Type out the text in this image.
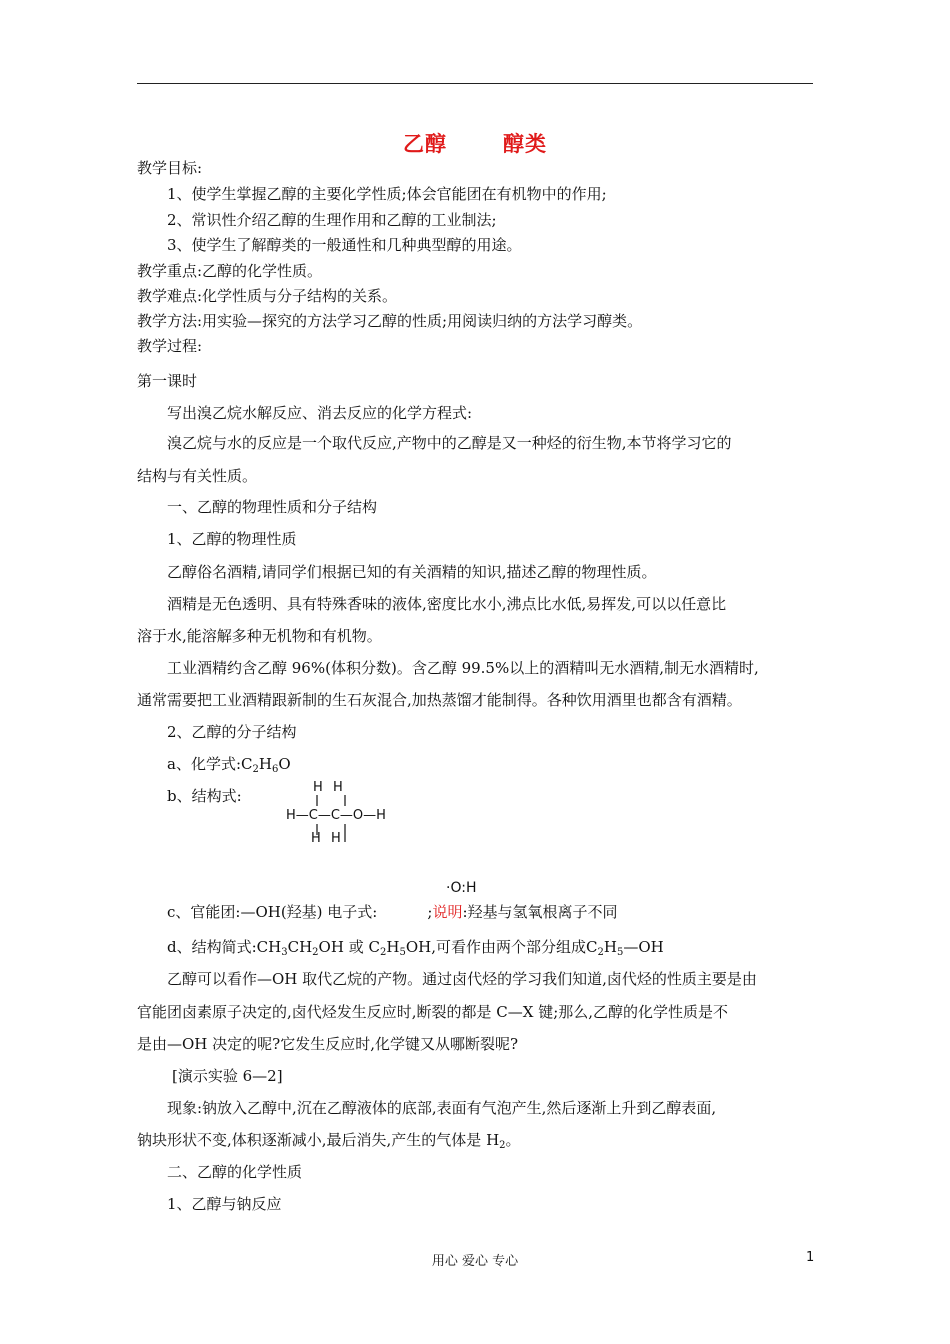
乙醇	醇类
教学目标:
1、使学生掌握乙醇的主要化学性质;体会官能团在有机物中的作用;
2、常识性介绍乙醇的生理作用和乙醇的工业制法;
3、使学生了解醇类的一般通性和几种典型醇的用途。
教学重点:乙醇的化学性质。
教学难点:化学性质与分子结构的关系。
教学方法:用实验—探究的方法学习乙醇的性质;用阅读归纳的方法学习醇类。
教学过程:
第一课时
写出溴乙烷水解反应、消去反应的化学方程式:
溴乙烷与水的反应是一个取代反应,产物中的乙醇是又一种烃的衍生物,本节将学习它的
结构与有关性质。
一、乙醇的物理性质和分子结构
1、乙醇的物理性质
乙醇俗名酒精,请同学们根据已知的有关酒精的知识,描述乙醇的物理性质。
酒精是无色透明、具有特殊香味的液体,密度比水小,沸点比水低,易挥发,可以以任意比
溶于水,能溶解多种无机物和有机物。
工业酒精约含乙醇 96%(体积分数)。含乙醇 99.5%以上的酒精叫无水酒精,制无水酒精时,
通常需要把工业酒精跟新制的生石灰混合,加热蒸馏才能制得。各种饮用酒里也都含有酒精。
2、乙醇的分子结构
a、化学式$:C_2H_6O$
b、结构式:	H H
H—C—C—O—H
H H
·O:H
c、官能团:—OH(羟基) 电子式:	;说明:羟基与氢氧根离子不同
d、结构简式$:CH_3CH_2OH$ 或 $C_2H_5OH$,可看作由两个部分组成$C_2H_5—OH$
乙醇可以看作—OH 取代乙烷的产物。通过卤代烃的学习我们知道,卤代烃的性质主要是由
官能团卤素原子决定的,卤代烃发生反应时,断裂的都是 C—X 键;那么,乙醇的化学性质是不
是由—OH 决定的呢?它发生反应时,化学键又从哪断裂呢?
[演示实验 6—2]
现象:钠放入乙醇中,沉在乙醇液体的底部,表面有气泡产生,然后逐渐上升到乙醇表面,
钠块形状不变,体积逐渐减小,最后消失,产生的气体是 $H_2$。
二、乙醇的化学性质
1、乙醇与钠反应
用心 爱心 专心	1
